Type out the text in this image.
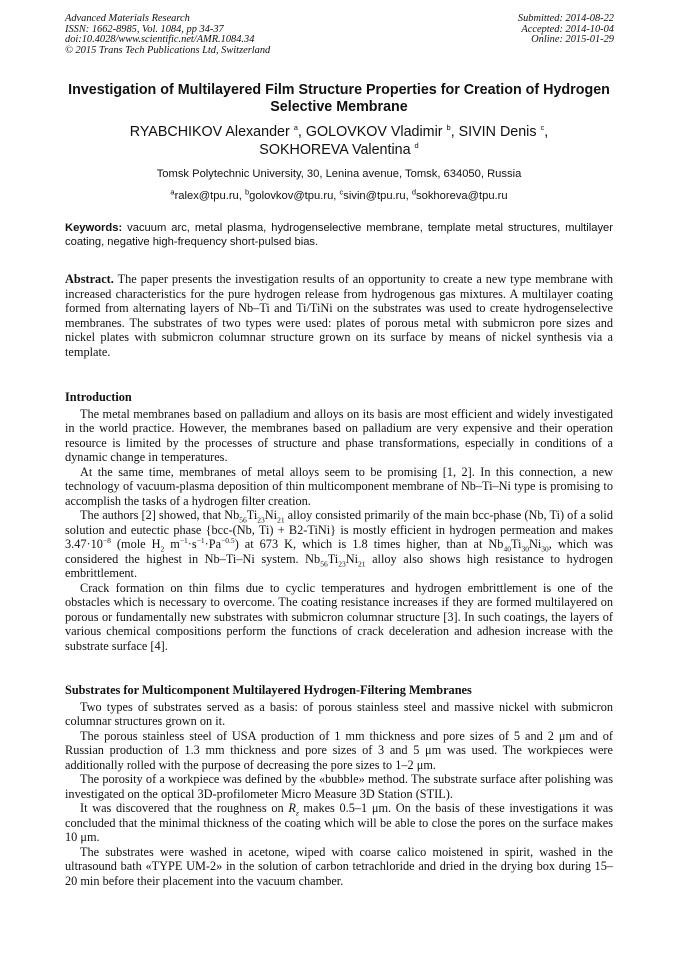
Advanced Materials Research
ISSN: 1662-8985, Vol. 1084, pp 34-37
doi:10.4028/www.scientific.net/AMR.1084.34
© 2015 Trans Tech Publications Ltd, Switzerland
Submitted: 2014-08-22
Accepted: 2014-10-04
Online: 2015-01-29
Investigation of Multilayered Film Structure Properties for Creation of Hydrogen Selective Membrane
RYABCHIKOV Alexander $^a$, GOLOVKOV Vladimir $^b$, SIVIN Denis $^c$,
SOKHOREVA Valentina $^d$
Tomsk Polytechnic University, 30, Lenina avenue, Tomsk, 634050, Russia
$^a$ralex@tpu.ru, $^b$golovkov@tpu.ru, $^c$sivin@tpu.ru, $^d$sokhoreva@tpu.ru
Keywords: vacuum arc, metal plasma, hydrogenselective membrane, template metal structures, multilayer coating, negative high-frequency short-pulsed bias.

Abstract. The paper presents the investigation results of an opportunity to create a new type membrane with increased characteristics for the pure hydrogen release from hydrogenous gas mixtures. A multilayer coating formed from alternating layers of Nb–Ti and Ti/TiNi on the substrates was used to create hydrogenselective membranes. The substrates of two types were used: plates of porous metal with submicron pore sizes and nickel plates with submicron columnar structure grown on its surface by means of nickel synthesis via a template.

Introduction

The metal membranes based on palladium and alloys on its basis are most efficient and widely investigated in the world practice. However, the membranes based on palladium are very expensive and their operation resource is limited by the processes of structure and phase transformations, especially in conditions of a dynamic change in temperatures.

At the same time, membranes of metal alloys seem to be promising [1, 2]. In this connection, a new technology of vacuum-plasma deposition of thin multicomponent membrane of Nb–Ti–Ni type is promising to accomplish the tasks of a hydrogen filter creation.

The authors [2] showed, that $Nb_{56}Ti_{23}Ni_{21}$ alloy consisted primarily of the main bcc-phase (Nb, Ti) of a solid solution and eutectic phase {bcc-(Nb, Ti) + B2-TiNi} is mostly efficient in hydrogen permeation and makes $3.47\cdot 10^{-8}$ (mole $H_2$ $m^{-1}\cdot s^{-1}\cdot Pa^{-0.5}$) at 673 K, which is 1.8 times higher, than at $Nb_{40}Ti_{30}Ni_{30}$, which was considered the highest in Nb–Ti–Ni system. $Nb_{56}Ti_{23}Ni_{21}$ alloy also shows high resistance to hydrogen embrittlement.

Crack formation on thin films due to cyclic temperatures and hydrogen embrittlement is one of the obstacles which is necessary to overcome. The coating resistance increases if they are formed multilayered on porous or fundamentally new substrates with submicron columnar structure [3]. In such coatings, the layers of various chemical compositions perform the functions of crack deceleration and adhesion increase with the substrate surface [4].

Substrates for Multicomponent Multilayered Hydrogen-Filtering Membranes

Two types of substrates served as a basis: of porous stainless steel and massive nickel with submicron columnar structures grown on it.

The porous stainless steel of USA production of 1 mm thickness and pore sizes of 5 and 2 μm and of Russian production of 1.3 mm thickness and pore sizes of 3 and 5 μm was used. The workpieces were additionally rolled with the purpose of decreasing the pore sizes to 1–2 μm.

The porosity of a workpiece was defined by the «bubble» method. The substrate surface after polishing was investigated on the optical 3D-profilometer Micro Measure 3D Station (STIL).

It was discovered that the roughness on $R_z$ makes 0.5–1 μm. On the basis of these investigations it was concluded that the minimal thickness of the coating which will be able to close the pores on the surface makes 10 μm.

The substrates were washed in acetone, wiped with coarse calico moistened in spirit, washed in the ultrasound bath «TYPE UM-2» in the solution of carbon tetrachloride and dried in the drying box during 15–20 min before their placement into the vacuum chamber.
